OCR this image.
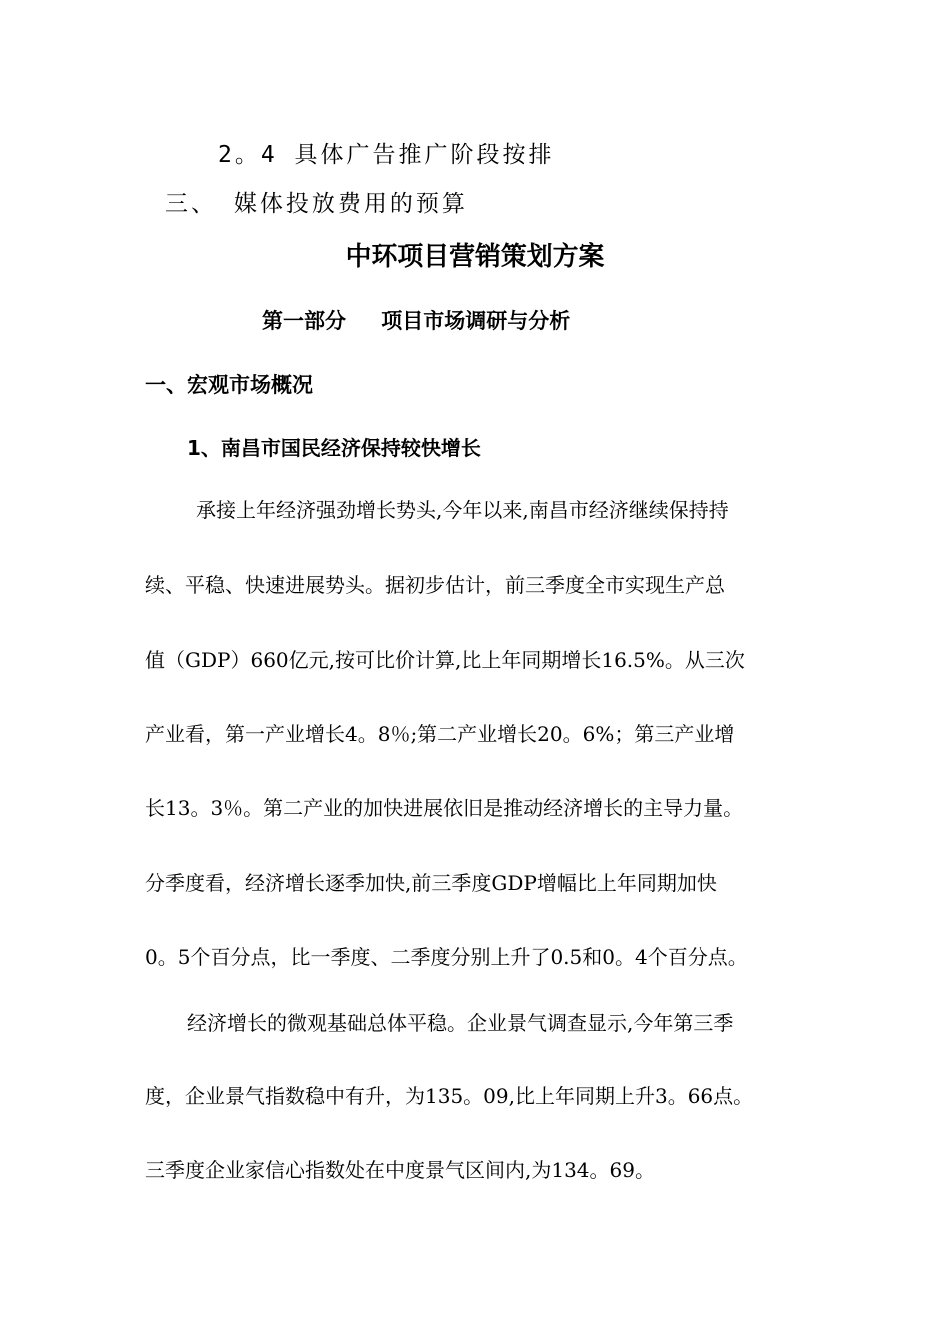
2。4 具体广告推广阶段按排

三、 媒体投放费用的预算

中环项目营销策划方案
第一部分 项目市场调研与分析
一、宏观市场概况
1、南昌市国民经济保持较快增长

承接上年经济强劲增长势头,今年以来,南昌市经济继续保持持

续、平稳、快速进展势头。据初步估计，前三季度全市实现生产总

值（GDP）660亿元,按可比价计算,比上年同期增长16.5%。从三次

产业看，第一产业增长4。8％;第二产业增长20。6%；第三产业增

长13。3％。第二产业的加快进展依旧是推动经济增长的主导力量。

分季度看，经济增长逐季加快,前三季度GDP增幅比上年同期加快

0。5个百分点，比一季度、二季度分别上升了0.5和0。4个百分点。

经济增长的微观基础总体平稳。企业景气调查显示,今年第三季

度，企业景气指数稳中有升，为135。09,比上年同期上升3。66点。

三季度企业家信心指数处在中度景气区间内,为134。69。
